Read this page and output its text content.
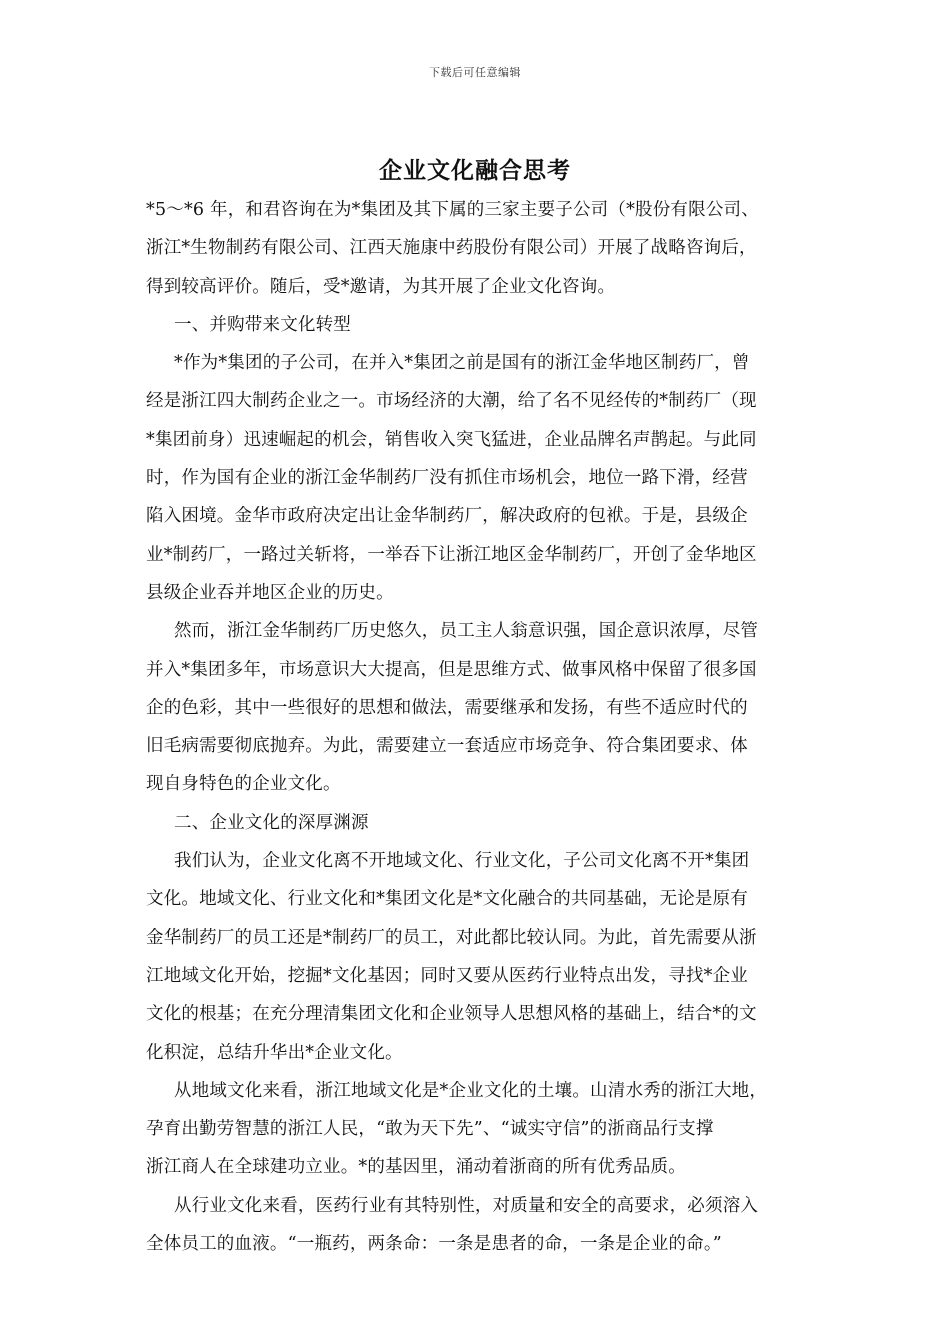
下载后可任意编辑
企业文化融合思考
*5～*6 年，和君咨询在为*集团及其下属的三家主要子公司（*股份有限公司、
浙江*生物制药有限公司、江西天施康中药股份有限公司）开展了战略咨询后，
得到较高评价。随后，受*邀请，为其开展了企业文化咨询。
一、并购带来文化转型
*作为*集团的子公司，在并入*集团之前是国有的浙江金华地区制药厂，曾
经是浙江四大制药企业之一。市场经济的大潮，给了名不见经传的*制药厂（现
*集团前身）迅速崛起的机会，销售收入突飞猛进，企业品牌名声鹊起。与此同
时，作为国有企业的浙江金华制药厂没有抓住市场机会，地位一路下滑，经营
陷入困境。金华市政府决定出让金华制药厂，解决政府的包袱。于是，县级企
业*制药厂，一路过关斩将，一举吞下让浙江地区金华制药厂，开创了金华地区
县级企业吞并地区企业的历史。
然而，浙江金华制药厂历史悠久，员工主人翁意识强，国企意识浓厚，尽管
并入*集团多年，市场意识大大提高，但是思维方式、做事风格中保留了很多国
企的色彩，其中一些很好的思想和做法，需要继承和发扬，有些不适应时代的
旧毛病需要彻底抛弃。为此，需要建立一套适应市场竞争、符合集团要求、体
现自身特色的企业文化。
二、企业文化的深厚渊源
我们认为，企业文化离不开地域文化、行业文化，子公司文化离不开*集团
文化。地域文化、行业文化和*集团文化是*文化融合的共同基础，无论是原有
金华制药厂的员工还是*制药厂的员工，对此都比较认同。为此，首先需要从浙
江地域文化开始，挖掘*文化基因；同时又要从医药行业特点出发，寻找*企业
文化的根基；在充分理清集团文化和企业领导人思想风格的基础上，结合*的文
化积淀，总结升华出*企业文化。
从地域文化来看，浙江地域文化是*企业文化的土壤。山清水秀的浙江大地，
孕育出勤劳智慧的浙江人民，“敢为天下先”、“诚实守信”的浙商品行支撑
浙江商人在全球建功立业。*的基因里，涌动着浙商的所有优秀品质。
从行业文化来看，医药行业有其特别性，对质量和安全的高要求，必须溶入
全体员工的血液。“一瓶药，两条命：一条是患者的命，一条是企业的命。”
